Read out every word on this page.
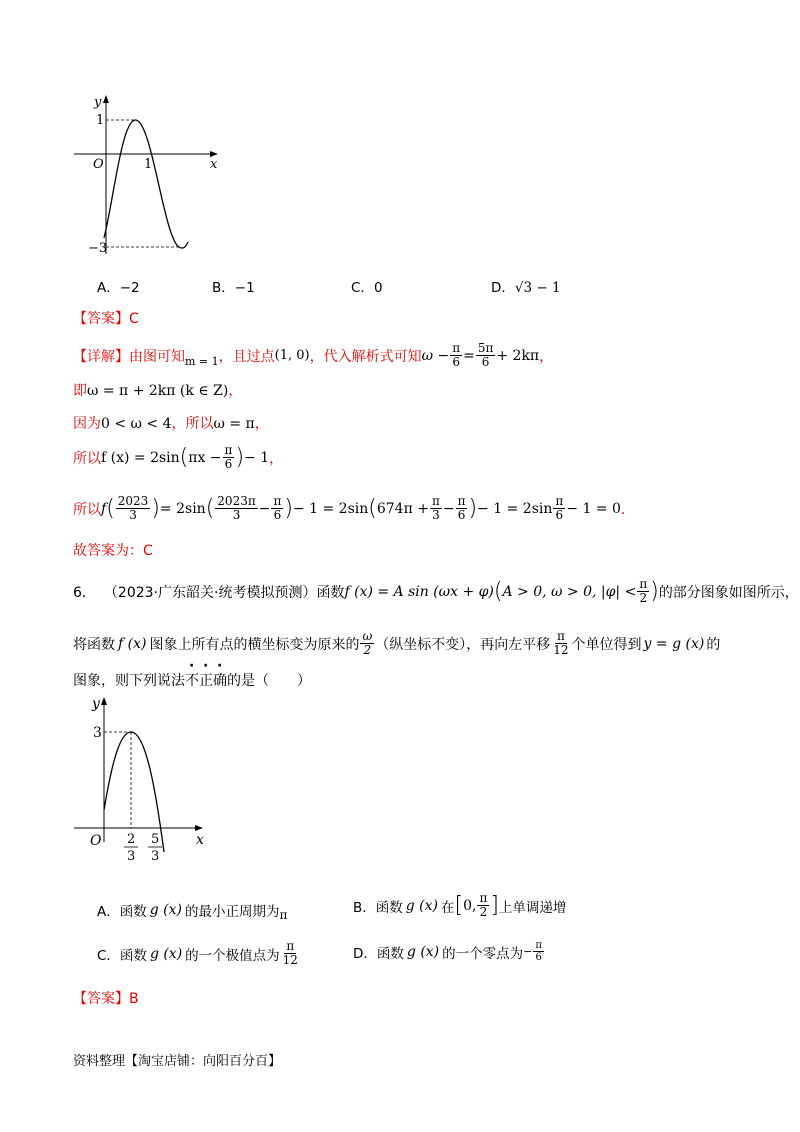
y
x
O
1
1
−3
A．−2	B．−1	C．0	D．√3 − 1
【答案】C
【详解】 由图可知 m = 1 ，且过点 (1, 0) ，代入解析式可知 $\omega - \frac{\pi}{6} = \frac{5\pi}{6} + 2k\pi$ ，
即ω = π + 2kπ (k ∈ Z)，
因为0 < ω < 4，所以ω = π，
所以 f (x) = 2sin ( $\pi x - \frac{\pi}{6}$ ) − 1 ，
所以 f ( $\frac{2023}{3}$ ) = 2sin ( $\frac{2023\pi}{3} - \frac{\pi}{6}$ ) − 1 = 2sin ( $674\pi + \frac{\pi}{3} - \frac{\pi}{6}$ ) − $1 = 2\sin \frac{\pi}{6} - 1 = 0$ ．
故答案为：C
6． （2023·广东韶关·统考模拟预测）函数 f (x) = A sin (ωx + φ) ( A > 0, ω > 0, $|\varphi| < \frac{\pi}{2}$ ) 的部分图象如图所示，
将函数 f (x) 图象上所有点的横坐标变为原来的 $\frac{\omega}{2}$ （纵坐标不变），再向左平移 $\frac{\pi}{12}$ 个单位得到 y = g (x) 的
图象，则下列说法不正确的是（　　）
y
x
O
3
2
3
5
3
A．函数 g (x) 的最小正周期为 π	B．函数 g (x) 在 [ 0, $\frac{\pi}{2}$ ] 上单调递增
C．函数 g (x) 的一个极值点为 $\frac{\pi}{12}$	D．函数 g (x) 的一个零点为 − $\frac{\pi}{6}$
【答案】B
资料整理【淘宝店铺：向阳百分百】
